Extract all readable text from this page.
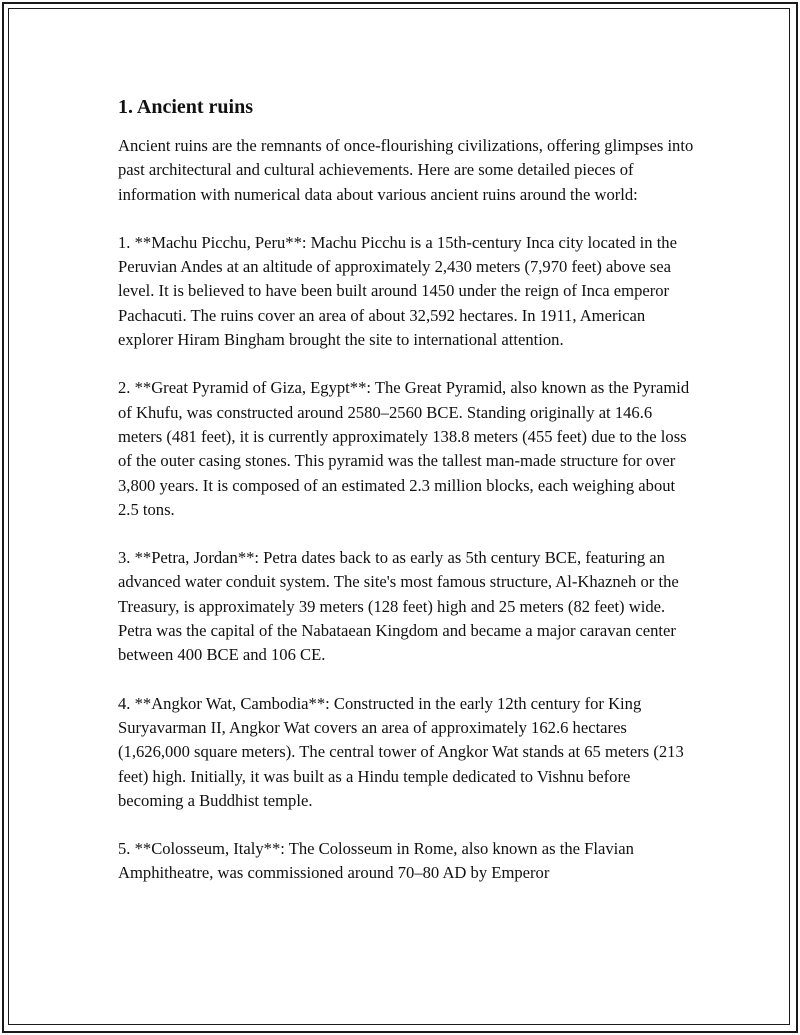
1. Ancient ruins

Ancient ruins are the remnants of once-flourishing civilizations, offering glimpses into past architectural and cultural achievements. Here are some detailed pieces of information with numerical data about various ancient ruins around the world:

1. **Machu Picchu, Peru**: Machu Picchu is a 15th-century Inca city located in the Peruvian Andes at an altitude of approximately 2,430 meters (7,970 feet) above sea level. It is believed to have been built around 1450 under the reign of Inca emperor Pachacuti. The ruins cover an area of about 32,592 hectares. In 1911, American explorer Hiram Bingham brought the site to international attention.

2. **Great Pyramid of Giza, Egypt**: The Great Pyramid, also known as the Pyramid of Khufu, was constructed around 2580–2560 BCE. Standing originally at 146.6 meters (481 feet), it is currently approximately 138.8 meters (455 feet) due to the loss of the outer casing stones. This pyramid was the tallest man-made structure for over 3,800 years. It is composed of an estimated 2.3 million blocks, each weighing about 2.5 tons.

3. **Petra, Jordan**: Petra dates back to as early as 5th century BCE, featuring an advanced water conduit system. The site's most famous structure, Al-Khazneh or the Treasury, is approximately 39 meters (128 feet) high and 25 meters (82 feet) wide. Petra was the capital of the Nabataean Kingdom and became a major caravan center between 400 BCE and 106 CE.

4. **Angkor Wat, Cambodia**: Constructed in the early 12th century for King Suryavarman II, Angkor Wat covers an area of approximately 162.6 hectares (1,626,000 square meters). The central tower of Angkor Wat stands at 65 meters (213 feet) high. Initially, it was built as a Hindu temple dedicated to Vishnu before becoming a Buddhist temple.

5. **Colosseum, Italy**: The Colosseum in Rome, also known as the Flavian Amphitheatre, was commissioned around 70–80 AD by Emperor
